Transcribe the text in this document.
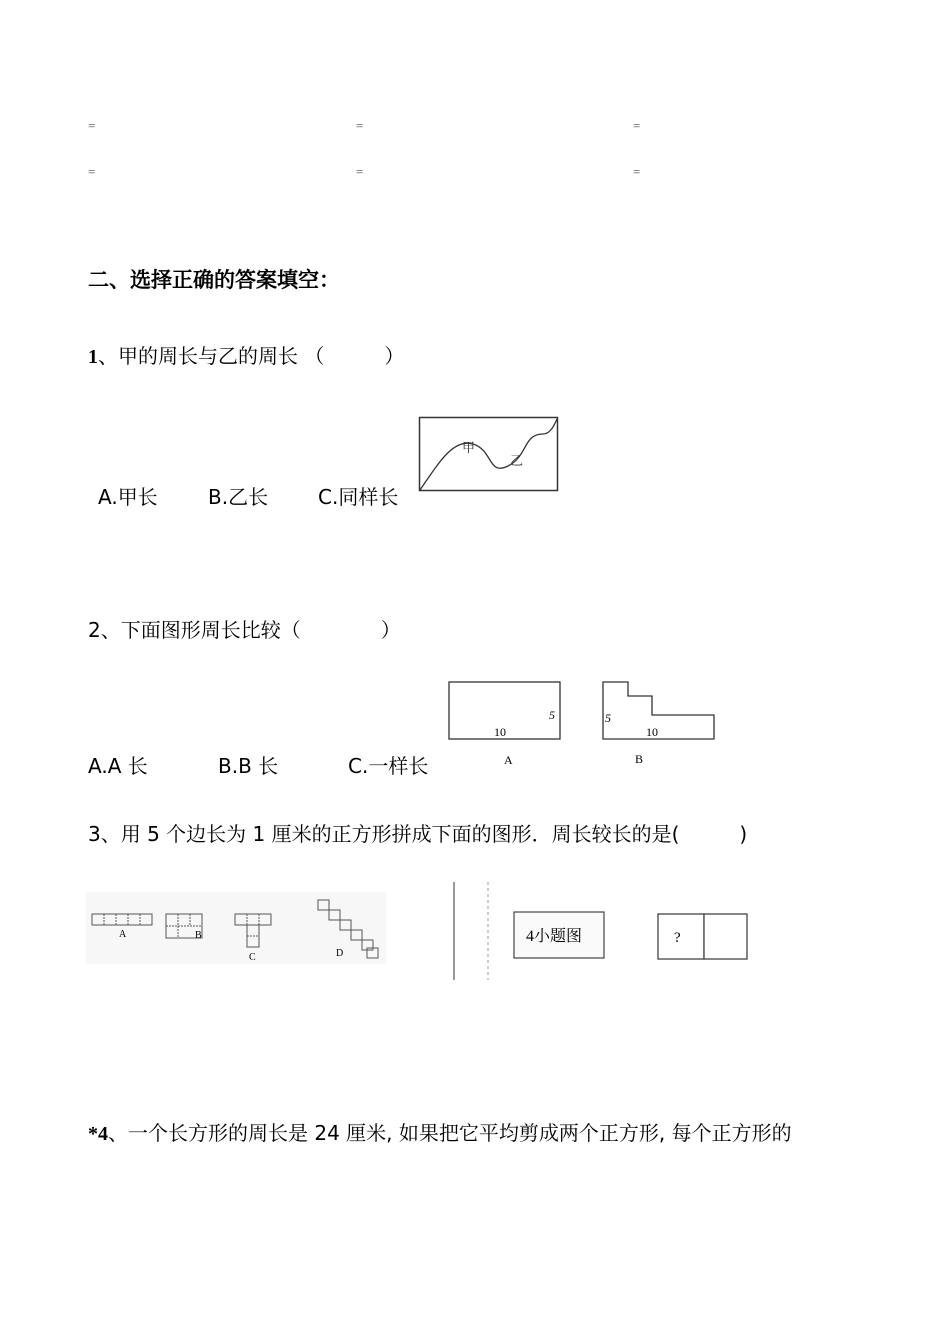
=	=	=
=	=	=
二、选择正确的答案填空：
1、甲的周长与乙的周长 （　　　）
A.甲长	B.乙长 C.同样长
甲
乙
2、下面图形周长比较（　　　　）
A.A 长	B.B 长	C.一样长
10
5
A
5
10
B
3、用 5 个边长为 1 厘米的正方形拼成下面的图形．周长较长的是(　　　)
A	B
C	D
4小题图	?
*4、一个长方形的周长是 24 厘米, 如果把它平均剪成两个正方形, 每个正方形的
